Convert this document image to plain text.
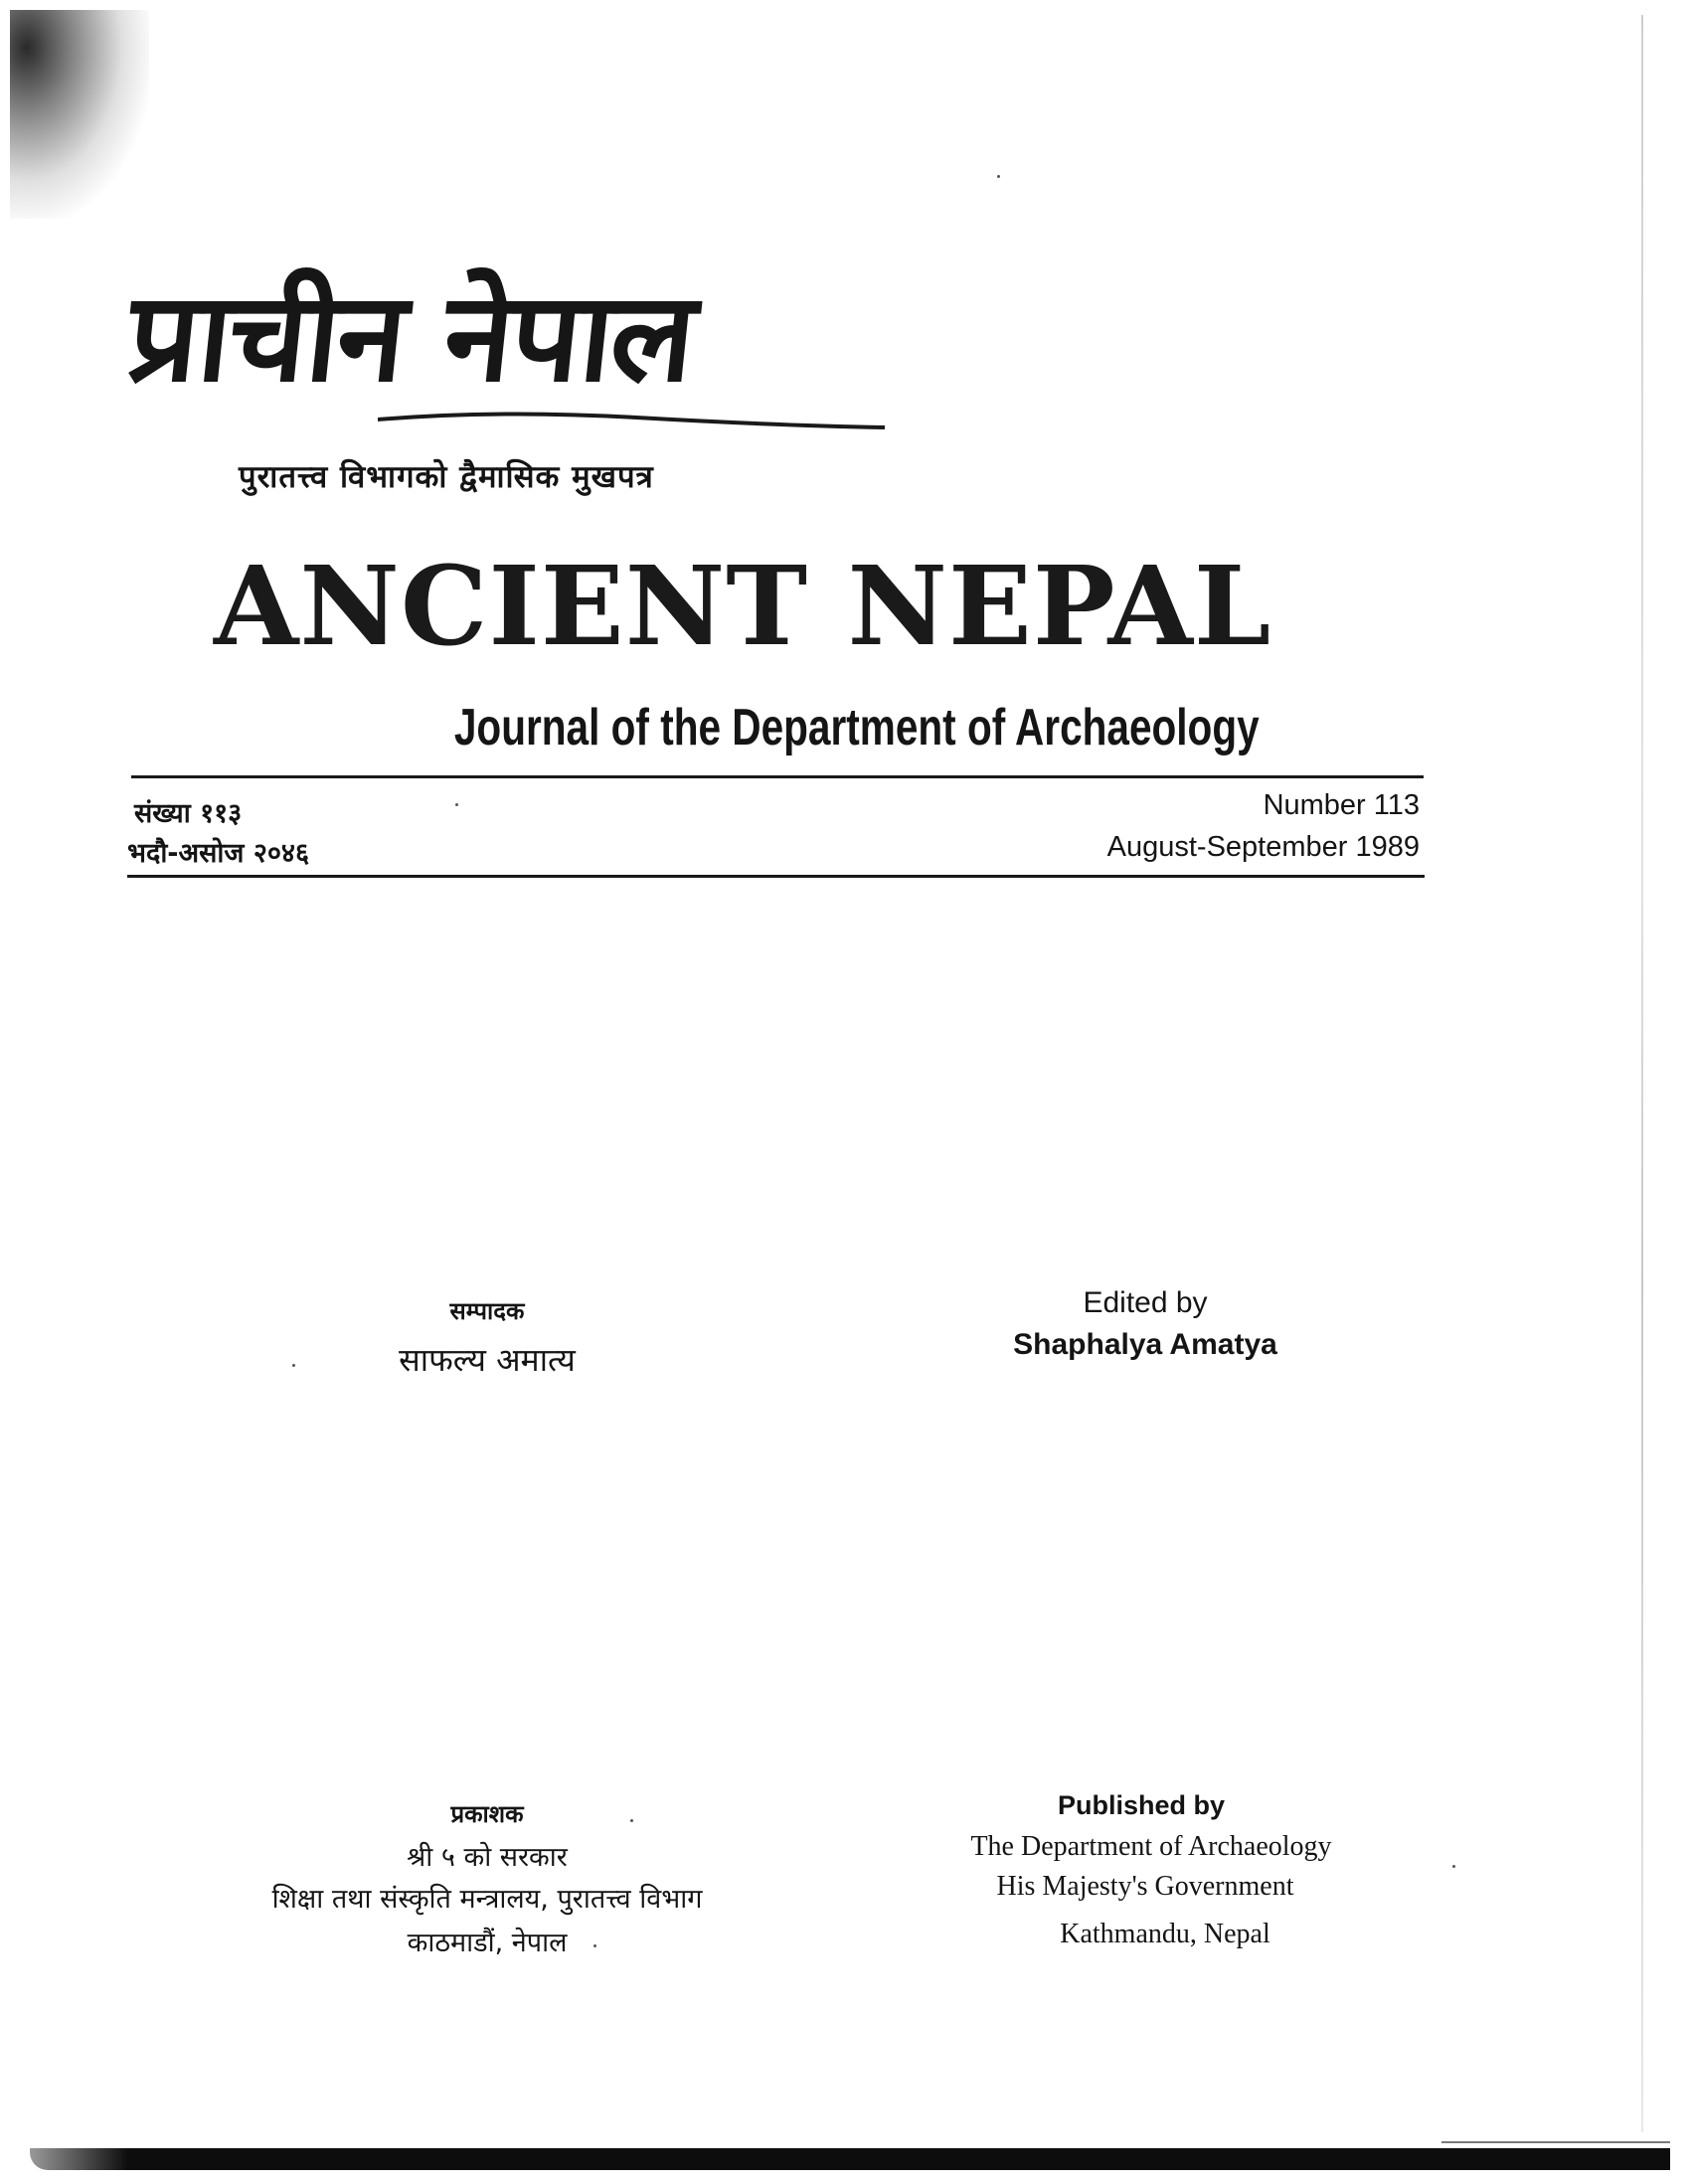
प्राचीन नेपाल
पुरातत्त्व विभागको द्वैमासिक मुखपत्र
ANCIENT NEPAL
Journal of the Department of Archaeology
संख्या ११३
भदौ-असोज २०४६
Number 113
August-September 1989
सम्पादक
साफल्य अमात्य
Edited by
Shaphalya Amatya
प्रकाशक
श्री ५ को सरकार
शिक्षा तथा संस्कृति मन्त्रालय, पुरातत्त्व विभाग
काठमाडौं, नेपाल
Published by
The Department of Archaeology
His Majesty's Government
Kathmandu, Nepal
